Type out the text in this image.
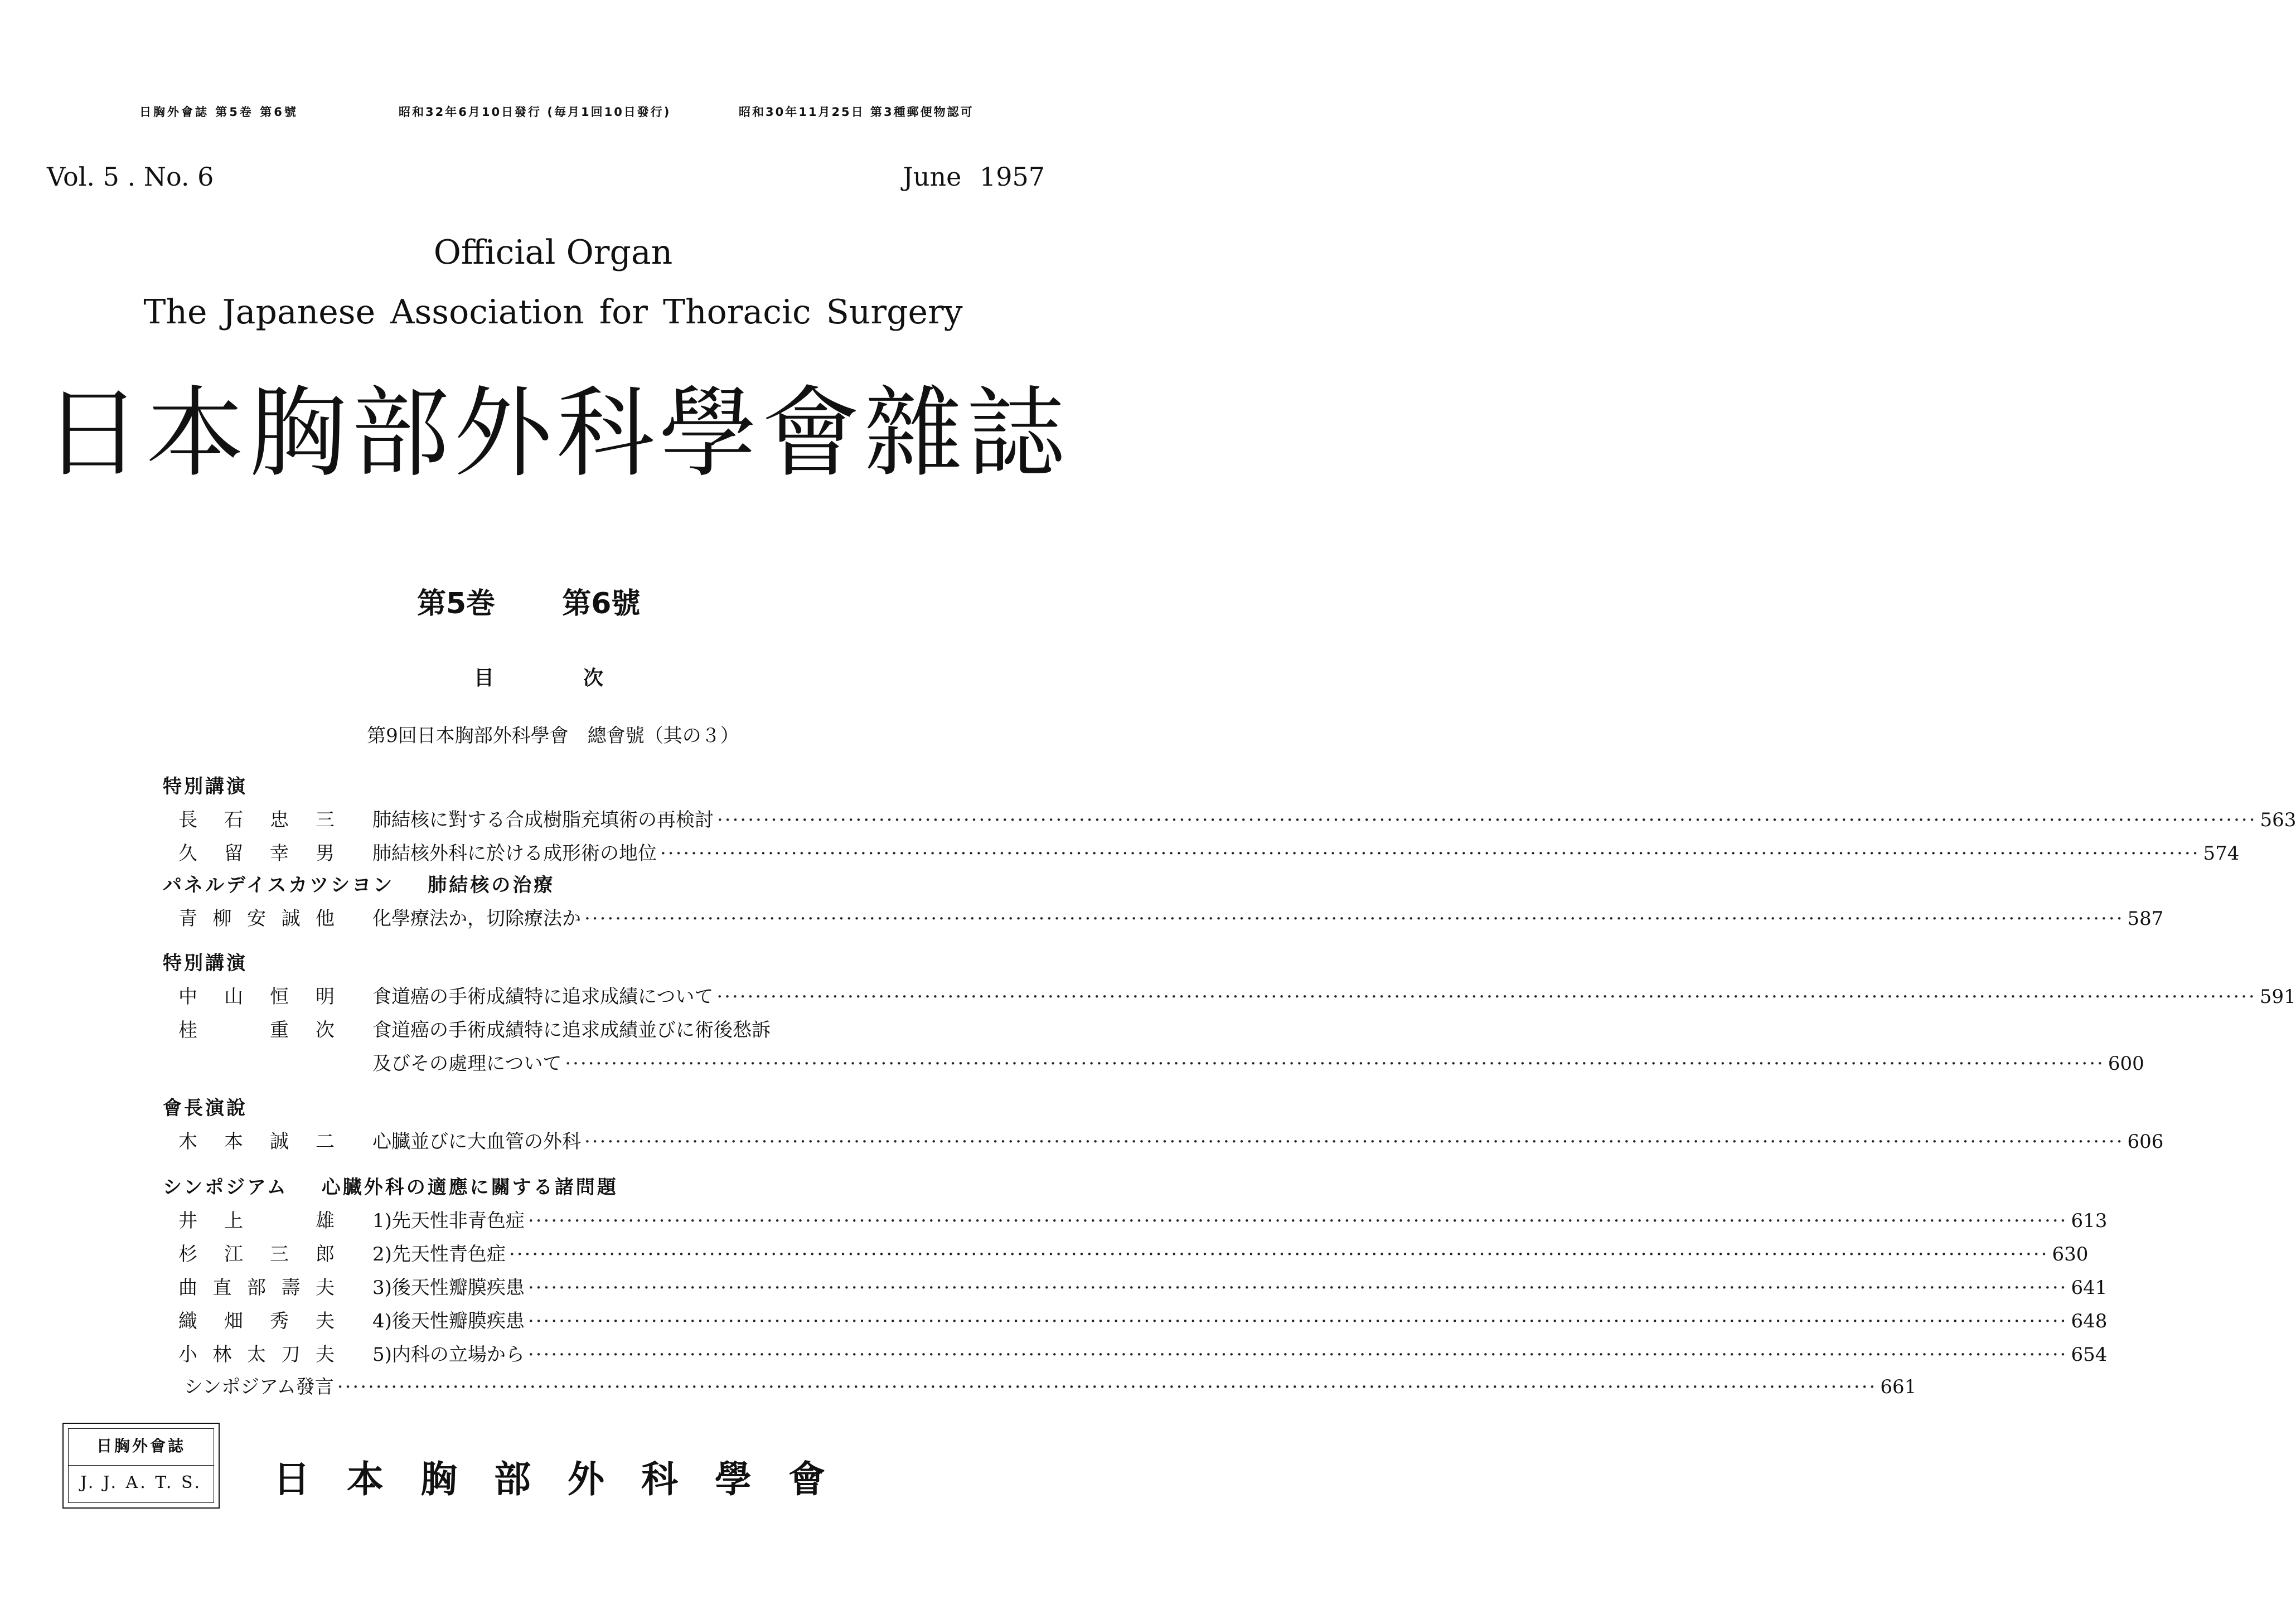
日胸外會誌 第5卷 第6號	昭和32年6月10日發行 (毎月1回10日發行)	昭和30年11月25日 第3種郵便物認可
Vol. 5 . No. 6	June 1957
Official Organ
The Japanese Association for Thoracic Surgery
日本胸部外科學會雜誌
第5巻 第6號
目次
第9回日本胸部外科學會　總會號（其の３）
特別講演
長石忠三 肺結核に對する合成樹脂充填術の再検討 ········································································································································································································ 563
久留幸男 肺結核外科に於ける成形術の地位 ········································································································································································································ 574
パネルデイスカツシヨン 肺結核の治療
青柳安誠他 化學療法か，切除療法か ········································································································································································································ 587
特別講演
中山恒明 食道癌の手術成績特に追求成績について ········································································································································································································ 591
桂　重次 食道癌の手術成績特に追求成績並びに術後愁訴
及びその處理について ········································································································································································································ 600
會長演說
木本誠二 心臓並びに大血管の外科 ········································································································································································································ 606
シンポジアム 心臓外科の適應に關する諸問題
井上　雄 1)先天性非青色症 ········································································································································································································ 613
杉江三郎 2)先天性青色症 ········································································································································································································ 630
曲直部壽夫 3)後天性瓣膜疾患 ········································································································································································································ 641
織畑秀夫 4)後天性瓣膜疾患 ········································································································································································································ 648
小林太刀夫 5)内科の立場から ········································································································································································································ 654
シンポジアム發言 ········································································································································································································ 661
日胸外會誌
J. J. A. T. S.	日本胸部外科學會
